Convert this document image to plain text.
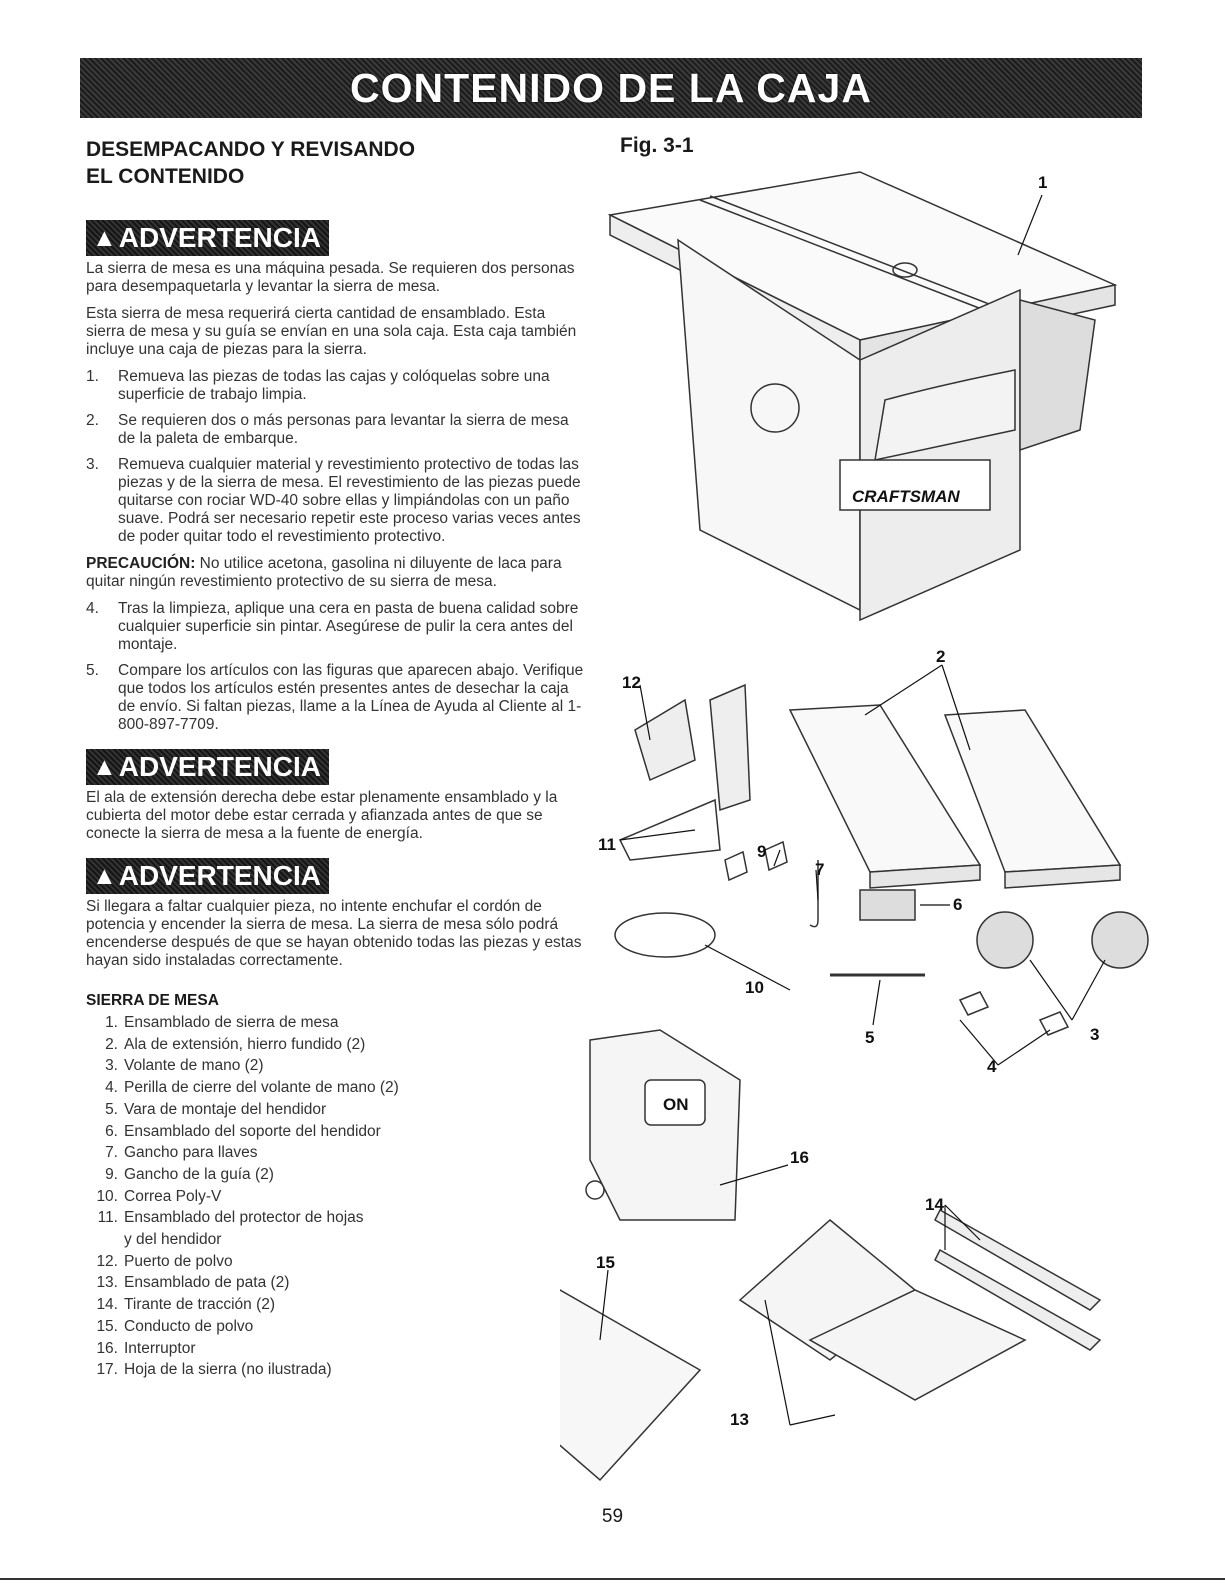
CONTENIDO DE LA CAJA
DESEMPACANDO Y REVISANDO
EL CONTENIDO
▲ ADVERTENCIA

La sierra de mesa es una máquina pesada. Se requieren dos personas para desempaquetarla y levantar la sierra de mesa.

Esta sierra de mesa requerirá cierta cantidad de ensamblado. Esta sierra de mesa y su guía se envían en una sola caja. Esta caja también incluye una caja de piezas para la sierra.

1.	Remueva las piezas de todas las cajas y colóquelas sobre una superficie de trabajo limpia.
2.	Se requieren dos o más personas para levantar la sierra de mesa de la paleta de embarque.
3.	Remueva cualquier material y revestimiento protectivo de todas las piezas y de la sierra de mesa. El revestimiento de las piezas puede quitarse con rociar WD-40 sobre ellas y limpiándolas con un paño suave. Podrá ser necesario repetir este proceso varias veces antes de poder quitar todo el revestimiento protectivo.

PRECAUCIÓN: No utilice acetona, gasolina ni diluyente de laca para quitar ningún revestimiento protectivo de su sierra de mesa.

4.	Tras la limpieza, aplique una cera en pasta de buena calidad sobre cualquier superficie sin pintar. Asegúrese de pulir la cera antes del montaje.
5.	Compare los artículos con las figuras que aparecen abajo. Verifique que todos los artículos estén presentes antes de desechar la caja de envío. Si faltan piezas, llame a la Línea de Ayuda al Cliente al 1-800-897-7709.
▲ ADVERTENCIA

El ala de extensión derecha debe estar plenamente ensamblado y la cubierta del motor debe estar cerrada y afianzada antes de que se conecte la sierra de mesa a la fuente de energía.

▲ ADVERTENCIA

Si llegara a faltar cualquier pieza, no intente enchufar el cordón de potencia y encender la sierra de mesa. La sierra de mesa sólo podrá encenderse después de que se hayan obtenido todas las piezas y estas hayan sido instaladas correctamente.

SIERRA DE MESA
1. Ensamblado de sierra de mesa
2. Ala de extensión, hierro fundido (2)
3. Volante de mano (2)
4. Perilla de cierre del volante de mano (2)
5. Vara de montaje del hendidor
6. Ensamblado del soporte del hendidor
7. Gancho para llaves
9. Gancho de la guía (2)
10. Correa Poly-V
11. Ensamblado del protector de hojas
y del hendidor
12. Puerto de polvo
13. Ensamblado de pata (2)
14. Tirante de tracción (2)
15. Conducto de polvo
16. Interruptor
17. Hoja de la sierra (no ilustrada)
Fig. 3-1
CRAFTSMAN
ON
1
2
3
4
5
6
7
9
10
11
12
13
14
15
16
59
